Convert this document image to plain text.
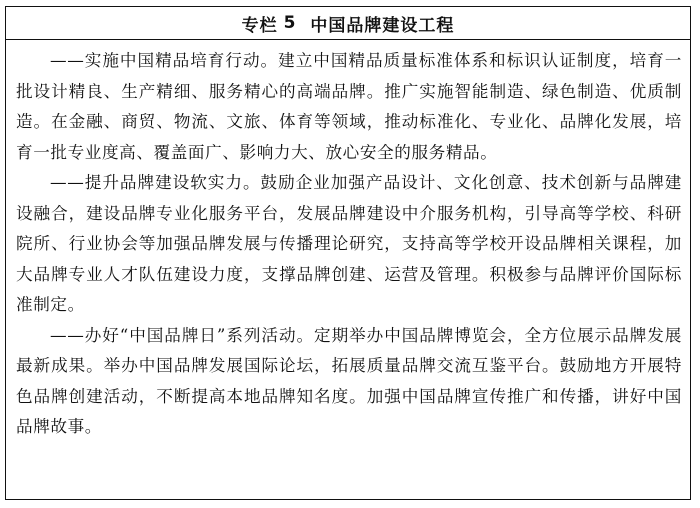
专栏 5 中国品牌建设工程

——实施中国精品培育行动。建立中国精品质量标准体系和标识认证制度，培育一批设计精良、生产精细、服务精心的高端品牌。推广实施智能制造、绿色制造、优质制造。在金融、商贸、物流、文旅、体育等领域，推动标准化、专业化、品牌化发展，培育一批专业度高、覆盖面广、影响力大、放心安全的服务精品。

——提升品牌建设软实力。鼓励企业加强产品设计、文化创意、技术创新与品牌建设融合，建设品牌专业化服务平台，发展品牌建设中介服务机构，引导高等学校、科研院所、行业协会等加强品牌发展与传播理论研究，支持高等学校开设品牌相关课程，加大品牌专业人才队伍建设力度，支撑品牌创建、运营及管理。积极参与品牌评价国际标准制定。

——办好“中国品牌日”系列活动。定期举办中国品牌博览会，全方位展示品牌发展最新成果。举办中国品牌发展国际论坛，拓展质量品牌交流互鉴平台。鼓励地方开展特色品牌创建活动，不断提高本地品牌知名度。加强中国品牌宣传推广和传播，讲好中国品牌故事。
